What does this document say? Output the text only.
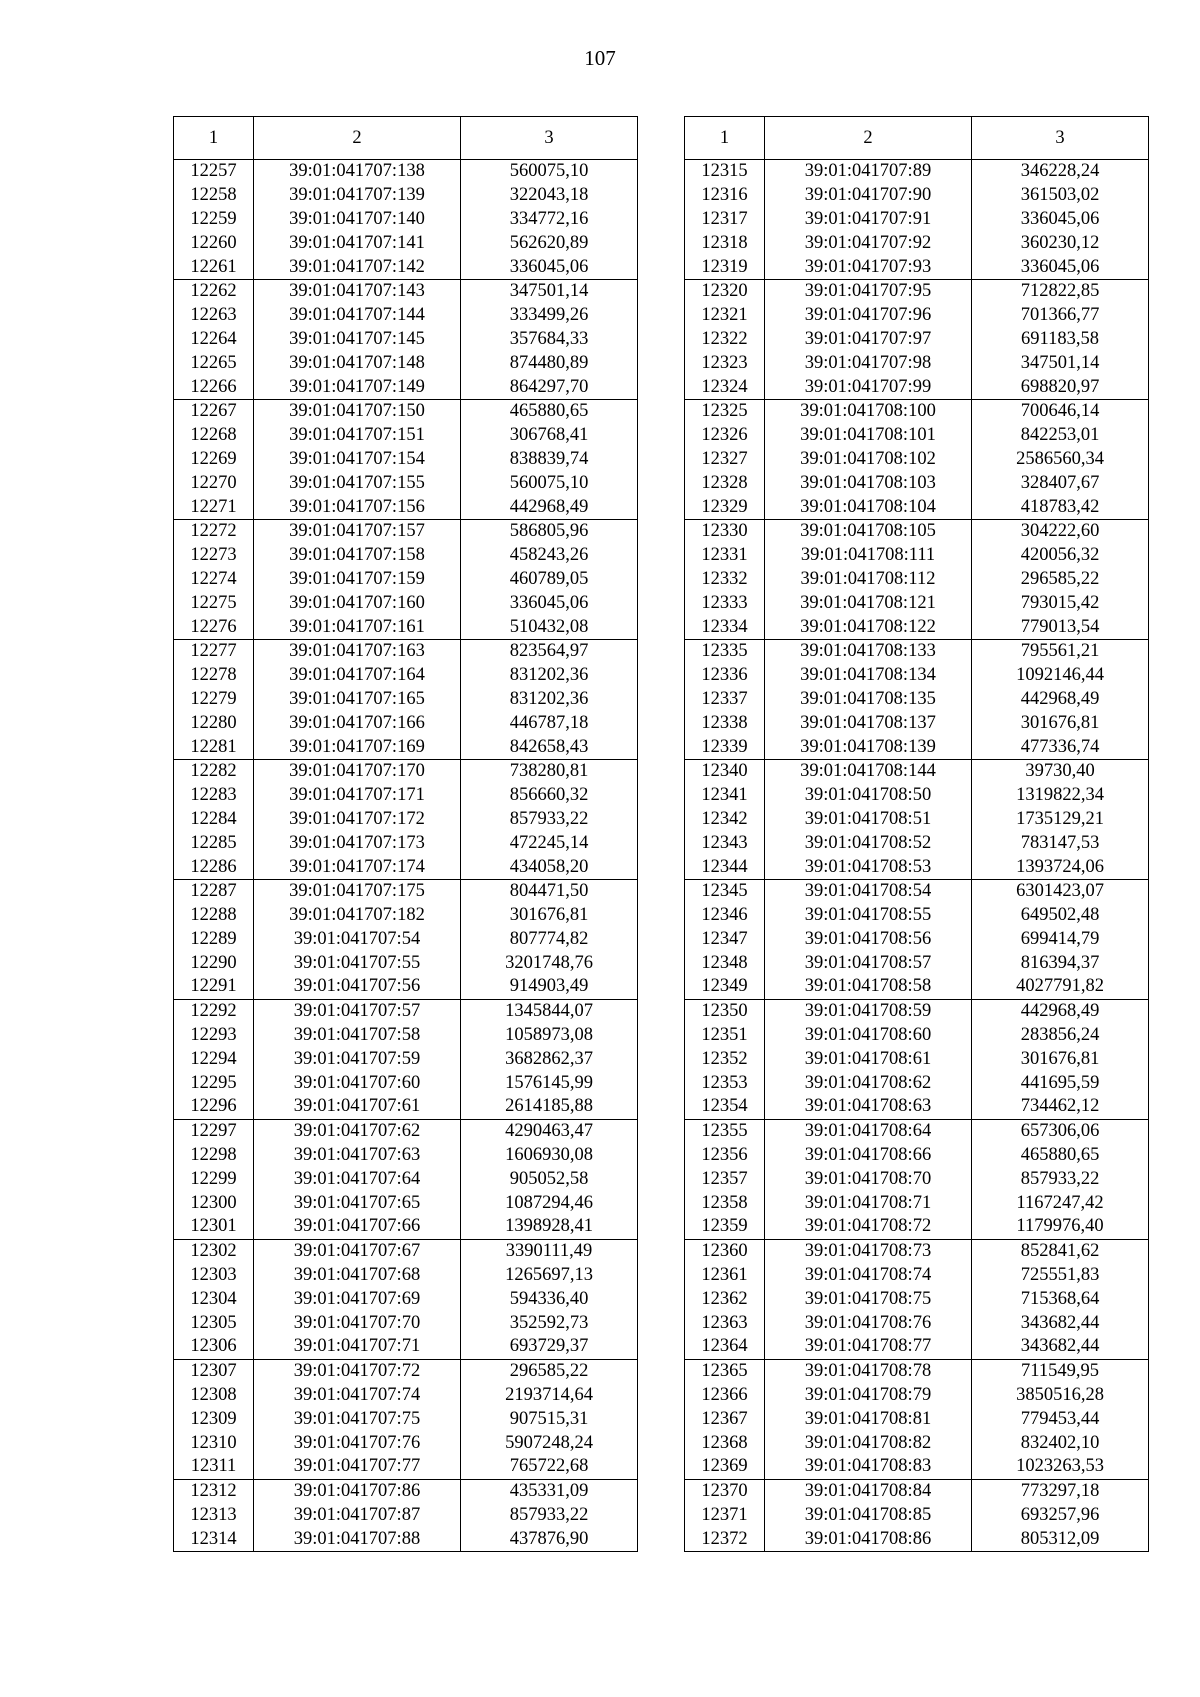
107
1	2	3
12257	39:01:041707:138	560075,10
12258	39:01:041707:139	322043,18
12259	39:01:041707:140	334772,16
12260	39:01:041707:141	562620,89
12261	39:01:041707:142	336045,06
12262	39:01:041707:143	347501,14
12263	39:01:041707:144	333499,26
12264	39:01:041707:145	357684,33
12265	39:01:041707:148	874480,89
12266	39:01:041707:149	864297,70
12267	39:01:041707:150	465880,65
12268	39:01:041707:151	306768,41
12269	39:01:041707:154	838839,74
12270	39:01:041707:155	560075,10
12271	39:01:041707:156	442968,49
12272	39:01:041707:157	586805,96
12273	39:01:041707:158	458243,26
12274	39:01:041707:159	460789,05
12275	39:01:041707:160	336045,06
12276	39:01:041707:161	510432,08
12277	39:01:041707:163	823564,97
12278	39:01:041707:164	831202,36
12279	39:01:041707:165	831202,36
12280	39:01:041707:166	446787,18
12281	39:01:041707:169	842658,43
12282	39:01:041707:170	738280,81
12283	39:01:041707:171	856660,32
12284	39:01:041707:172	857933,22
12285	39:01:041707:173	472245,14
12286	39:01:041707:174	434058,20
12287	39:01:041707:175	804471,50
12288	39:01:041707:182	301676,81
12289	39:01:041707:54	807774,82
12290	39:01:041707:55	3201748,76
12291	39:01:041707:56	914903,49
12292	39:01:041707:57	1345844,07
12293	39:01:041707:58	1058973,08
12294	39:01:041707:59	3682862,37
12295	39:01:041707:60	1576145,99
12296	39:01:041707:61	2614185,88
12297	39:01:041707:62	4290463,47
12298	39:01:041707:63	1606930,08
12299	39:01:041707:64	905052,58
12300	39:01:041707:65	1087294,46
12301	39:01:041707:66	1398928,41
12302	39:01:041707:67	3390111,49
12303	39:01:041707:68	1265697,13
12304	39:01:041707:69	594336,40
12305	39:01:041707:70	352592,73
12306	39:01:041707:71	693729,37
12307	39:01:041707:72	296585,22
12308	39:01:041707:74	2193714,64
12309	39:01:041707:75	907515,31
12310	39:01:041707:76	5907248,24
12311	39:01:041707:77	765722,68
12312	39:01:041707:86	435331,09
12313	39:01:041707:87	857933,22
12314	39:01:041707:88	437876,90
1	2	3
12315	39:01:041707:89	346228,24
12316	39:01:041707:90	361503,02
12317	39:01:041707:91	336045,06
12318	39:01:041707:92	360230,12
12319	39:01:041707:93	336045,06
12320	39:01:041707:95	712822,85
12321	39:01:041707:96	701366,77
12322	39:01:041707:97	691183,58
12323	39:01:041707:98	347501,14
12324	39:01:041707:99	698820,97
12325	39:01:041708:100	700646,14
12326	39:01:041708:101	842253,01
12327	39:01:041708:102	2586560,34
12328	39:01:041708:103	328407,67
12329	39:01:041708:104	418783,42
12330	39:01:041708:105	304222,60
12331	39:01:041708:111	420056,32
12332	39:01:041708:112	296585,22
12333	39:01:041708:121	793015,42
12334	39:01:041708:122	779013,54
12335	39:01:041708:133	795561,21
12336	39:01:041708:134	1092146,44
12337	39:01:041708:135	442968,49
12338	39:01:041708:137	301676,81
12339	39:01:041708:139	477336,74
12340	39:01:041708:144	39730,40
12341	39:01:041708:50	1319822,34
12342	39:01:041708:51	1735129,21
12343	39:01:041708:52	783147,53
12344	39:01:041708:53	1393724,06
12345	39:01:041708:54	6301423,07
12346	39:01:041708:55	649502,48
12347	39:01:041708:56	699414,79
12348	39:01:041708:57	816394,37
12349	39:01:041708:58	4027791,82
12350	39:01:041708:59	442968,49
12351	39:01:041708:60	283856,24
12352	39:01:041708:61	301676,81
12353	39:01:041708:62	441695,59
12354	39:01:041708:63	734462,12
12355	39:01:041708:64	657306,06
12356	39:01:041708:66	465880,65
12357	39:01:041708:70	857933,22
12358	39:01:041708:71	1167247,42
12359	39:01:041708:72	1179976,40
12360	39:01:041708:73	852841,62
12361	39:01:041708:74	725551,83
12362	39:01:041708:75	715368,64
12363	39:01:041708:76	343682,44
12364	39:01:041708:77	343682,44
12365	39:01:041708:78	711549,95
12366	39:01:041708:79	3850516,28
12367	39:01:041708:81	779453,44
12368	39:01:041708:82	832402,10
12369	39:01:041708:83	1023263,53
12370	39:01:041708:84	773297,18
12371	39:01:041708:85	693257,96
12372	39:01:041708:86	805312,09
